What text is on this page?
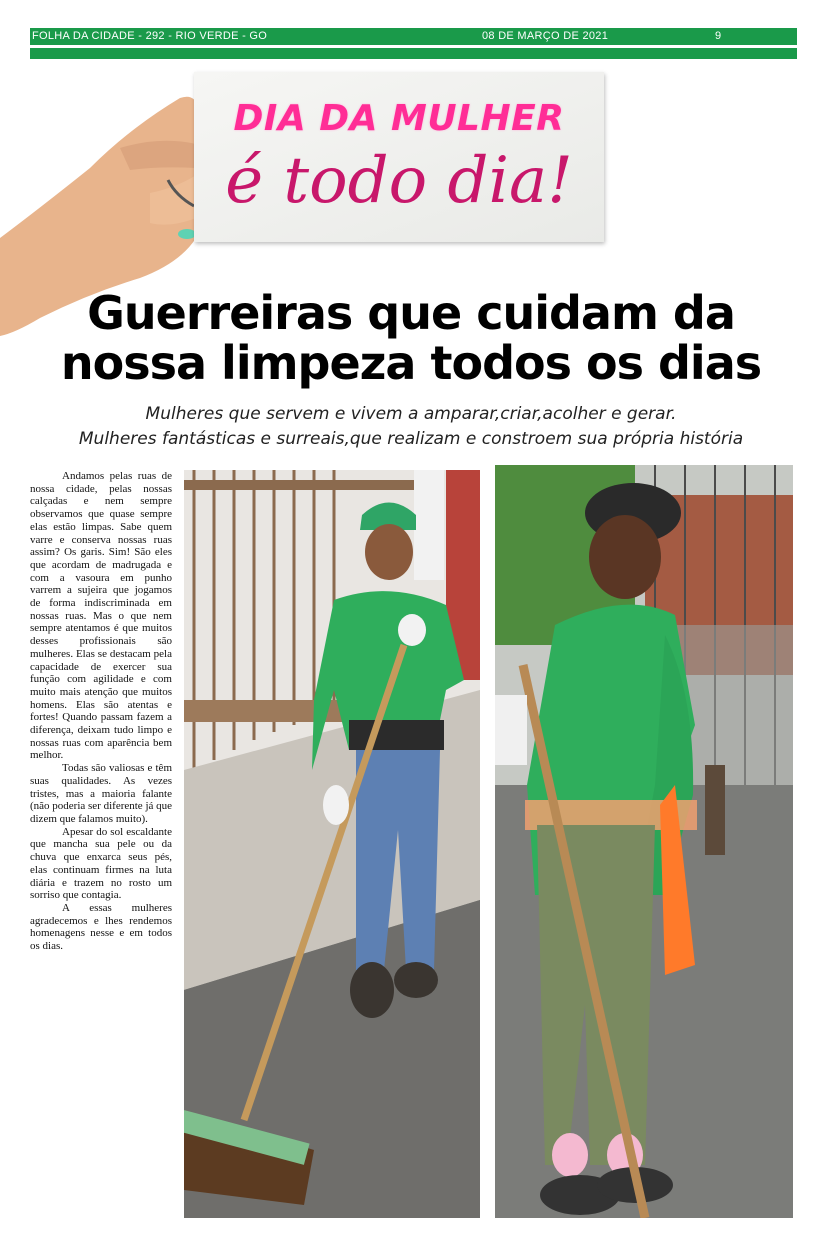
FOLHA DA CIDADE - 292 - RIO VERDE - GO	08 DE MARÇO DE 2021	9
DIA DA MULHER
é todo dia!
Guerreiras que cuidam da
nossa limpeza todos os dias
Mulheres que servem e vivem a amparar,criar,acolher e gerar.
Mulheres fantásticas e surreais,que realizam e constroem sua própria história

Andamos pelas ruas de nossa cidade, pelas nossas calçadas e nem sempre observamos que quase sempre elas estão limpas. Sabe quem varre e conserva nossas ruas assim? Os garis. Sim! São eles que acordam de madrugada e com a vasoura em punho varrem a sujeira que jogamos de forma indiscriminada em nossas ruas. Mas o que nem sempre atentamos é que muitos desses profissionais são mulheres. Elas se destacam pela capacidade de exercer sua função com agilidade e com muito mais atenção que muitos homens. Elas são atentas e fortes! Quando passam fazem a diferença, deixam tudo limpo e nossas ruas com aparência bem melhor.

Todas são valiosas e têm suas qualidades. As vezes tristes, mas a maioria falante (não poderia ser diferente já que dizem que falamos muito).

Apesar do sol escaldante que mancha sua pele ou da chuva que enxarca seus pés, elas continuam firmes na luta diária e trazem no rosto um sorriso que contagia.

A essas mulheres agradecemos e lhes rendemos homenagens nesse e em todos os dias.
